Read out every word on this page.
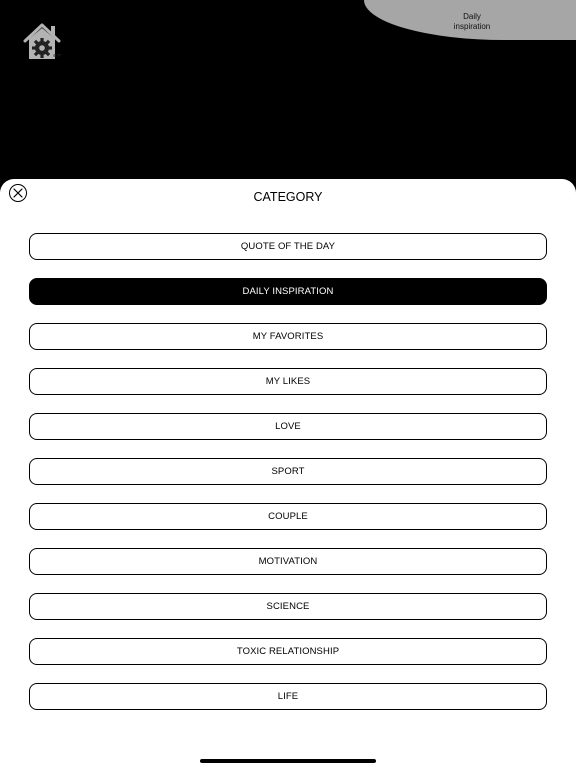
Daily
inspiration
“”
CATEGORY
QUOTE OF THE DAY
DAILY INSPIRATION
MY FAVORITES
MY LIKES
LOVE
SPORT
COUPLE
MOTIVATION
SCIENCE
TOXIC RELATIONSHIP
LIFE
